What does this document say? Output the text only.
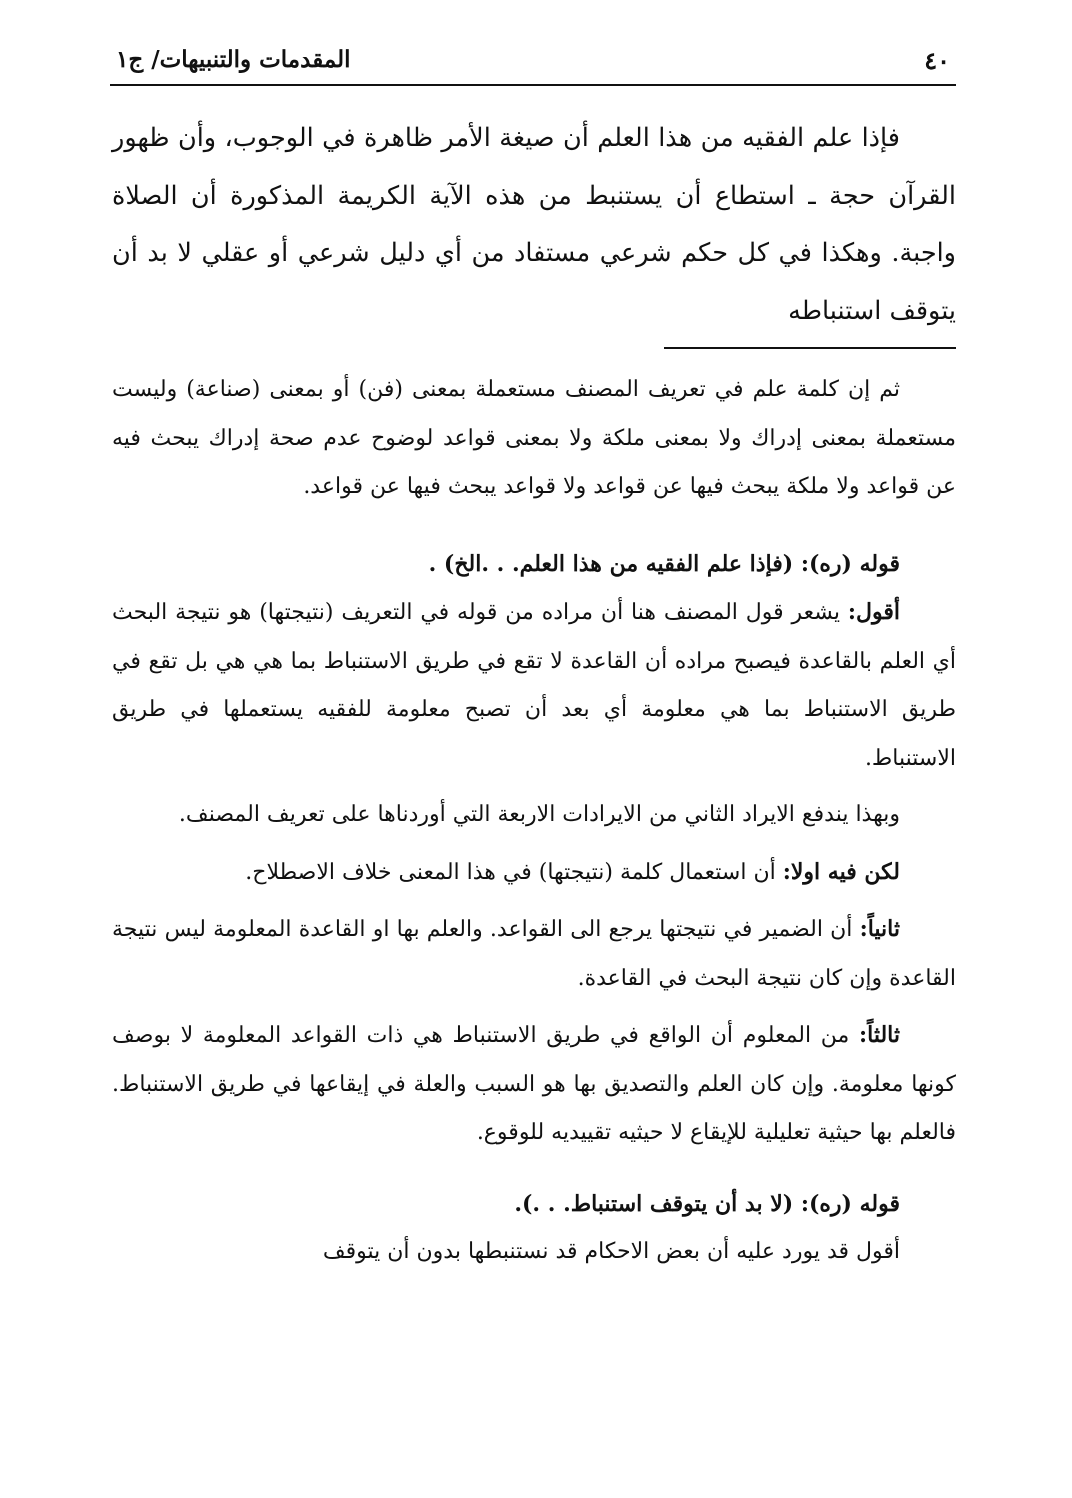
٤٠
المقدمات والتنبيهات/ ج١

فإذا علم الفقيه من هذا العلم أن صيغة الأمر ظاهرة في الوجوب، وأن ظهور القرآن حجة ـ استطاع أن يستنبط من هذه الآية الكريمة المذكورة أن الصلاة واجبة. وهكذا في كل حكم شرعي مستفاد من أي دليل شرعي أو عقلي لا بد أن يتوقف استنباطه

ثم إن كلمة علم في تعريف المصنف مستعملة بمعنى (فن) أو بمعنى (صناعة) وليست مستعملة بمعنى إدراك ولا بمعنى ملكة ولا بمعنى قواعد لوضوح عدم صحة إدراك يبحث فيه عن قواعد ولا ملكة يبحث فيها عن قواعد ولا قواعد يبحث فيها عن قواعد.

قوله (ره): (فإذا علم الفقيه من هذا العلم. . .الخ) .

أقول: يشعر قول المصنف هنا أن مراده من قوله في التعريف (نتيجتها) هو نتيجة البحث أي العلم بالقاعدة فيصبح مراده أن القاعدة لا تقع في طريق الاستنباط بما هي هي بل تقع في طريق الاستنباط بما هي معلومة أي بعد أن تصبح معلومة للفقيه يستعملها في طريق الاستنباط.

وبهذا يندفع الايراد الثاني من الايرادات الاربعة التي أوردناها على تعريف المصنف.

لكن فيه اولا: أن استعمال كلمة (نتيجتها) في هذا المعنى خلاف الاصطلاح.

ثانياً: أن الضمير في نتيجتها يرجع الى القواعد. والعلم بها او القاعدة المعلومة ليس نتيجة القاعدة وإن كان نتيجة البحث في القاعدة.

ثالثاً: من المعلوم أن الواقع في طريق الاستنباط هي ذات القواعد المعلومة لا بوصف كونها معلومة. وإن كان العلم والتصديق بها هو السبب والعلة في إيقاعها في طريق الاستنباط. فالعلم بها حيثية تعليلية للإيقاع لا حيثيه تقييديه للوقوع.

قوله (ره): (لا بد أن يتوقف استنباط. . .).

أقول قد يورد عليه أن بعض الاحكام قد نستنبطها بدون أن يتوقف
